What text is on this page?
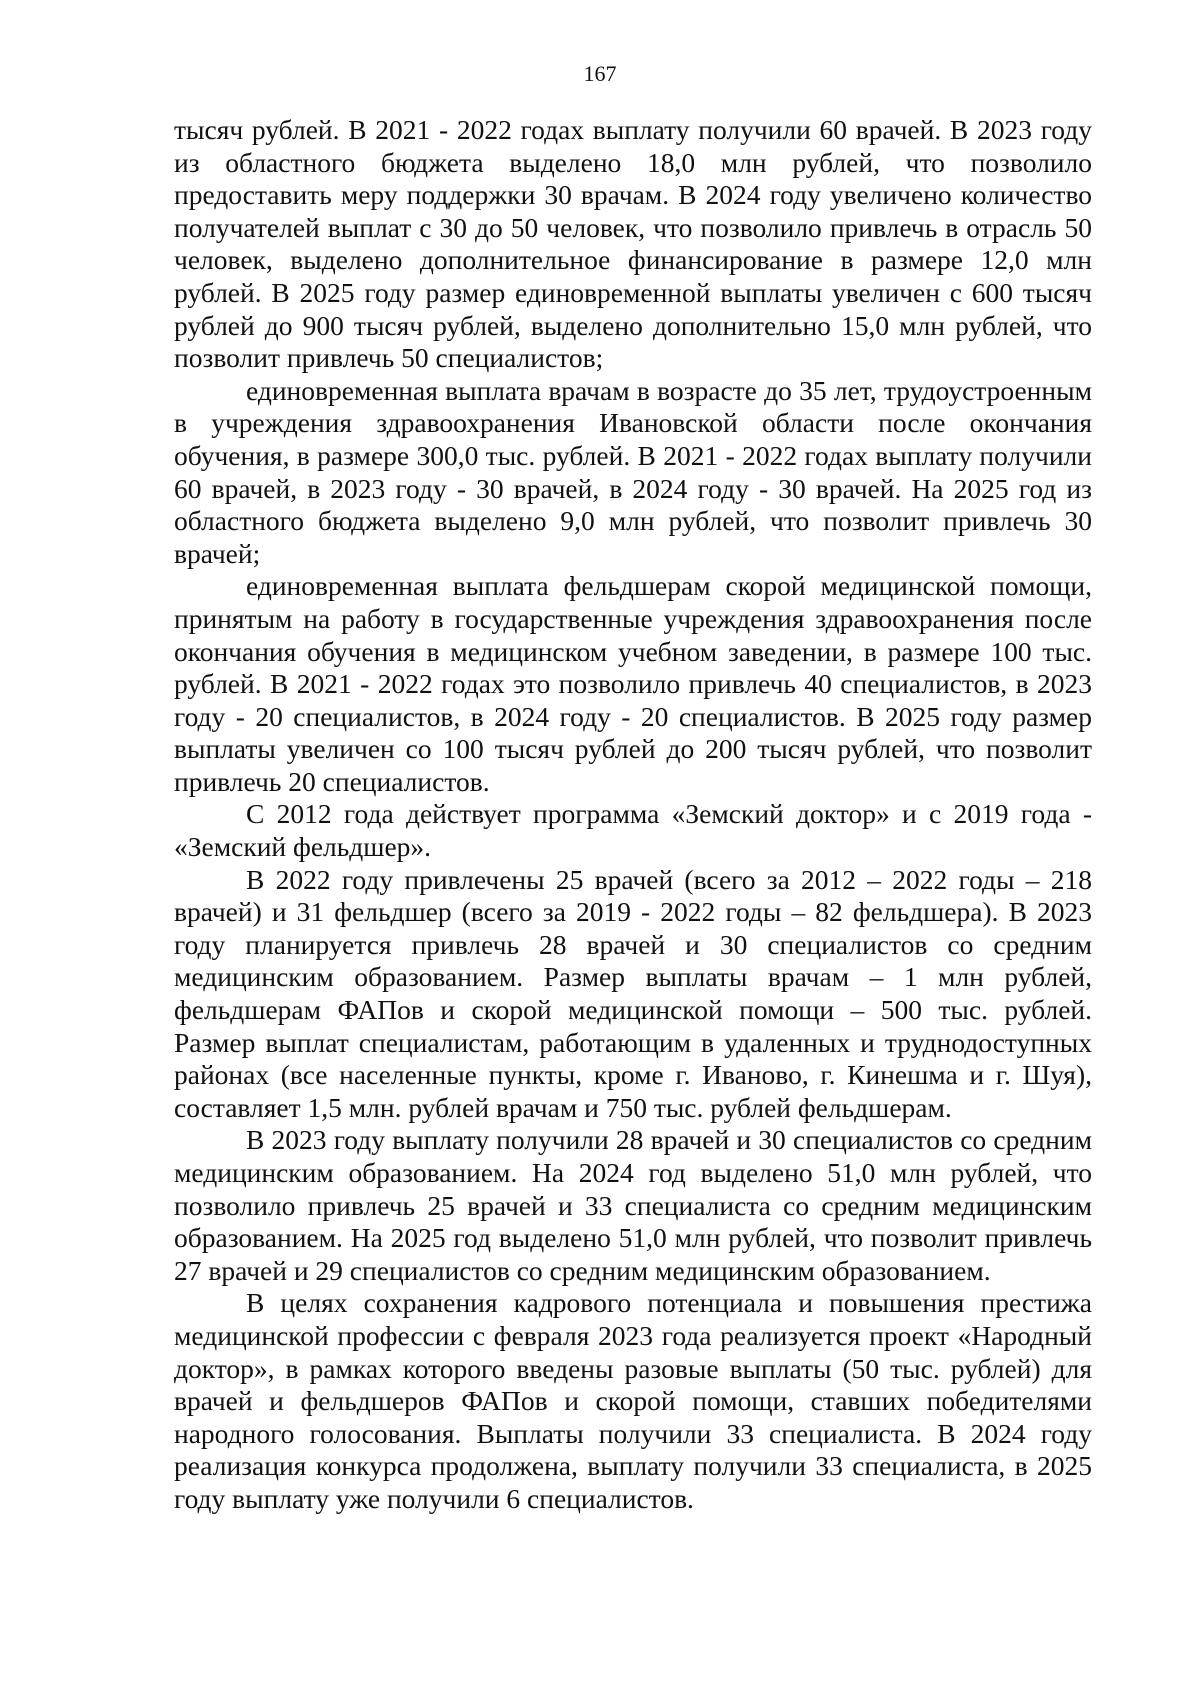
167

тысяч рублей. В 2021 - 2022 годах выплату получили 60 врачей. В 2023 году из областного бюджета выделено 18,0 млн рублей, что позволило предоставить меру поддержки 30 врачам. В 2024 году увеличено количество получателей выплат с 30 до 50 человек, что позволило привлечь в отрасль 50 человек, выделено дополнительное финансирование в размере 12,0 млн рублей. В 2025 году размер единовременной выплаты увеличен с 600 тысяч рублей до 900 тысяч рублей, выделено дополнительно 15,0 млн рублей, что позволит привлечь 50 специалистов;

единовременная выплата врачам в возрасте до 35 лет, трудоустроенным в учреждения здравоохранения Ивановской области после окончания обучения, в размере 300,0 тыс. рублей. В 2021 - 2022 годах выплату получили 60 врачей, в 2023 году - 30 врачей, в 2024 году - 30 врачей. На 2025 год из областного бюджета выделено 9,0 млн рублей, что позволит привлечь 30 врачей;

единовременная выплата фельдшерам скорой медицинской помощи, принятым на работу в государственные учреждения здравоохранения после окончания обучения в медицинском учебном заведении, в размере 100 тыс. рублей. В 2021 - 2022 годах это позволило привлечь 40 специалистов, в 2023 году - 20 специалистов, в 2024 году - 20 специалистов. В 2025 году размер выплаты увеличен со 100 тысяч рублей до 200 тысяч рублей, что позволит привлечь 20 специалистов.

С 2012 года действует программа «Земский доктор» и с 2019 года - «Земский фельдшер».

В 2022 году привлечены 25 врачей (всего за 2012 – 2022 годы – 218 врачей) и 31 фельдшер (всего за 2019 - 2022 годы – 82 фельдшера). В 2023 году планируется привлечь 28 врачей и 30 специалистов со средним медицинским образованием. Размер выплаты врачам – 1 млн рублей, фельдшерам ФАПов и скорой медицинской помощи – 500 тыс. рублей. Размер выплат специалистам, работающим в удаленных и труднодоступных районах (все населенные пункты, кроме г. Иваново, г. Кинешма и г. Шуя), составляет 1,5 млн. рублей врачам и 750 тыс. рублей фельдшерам.

В 2023 году выплату получили 28 врачей и 30 специалистов со средним медицинским образованием. На 2024 год выделено 51,0 млн рублей, что позволило привлечь 25 врачей и 33 специалиста со средним медицинским образованием. На 2025 год выделено 51,0 млн рублей, что позволит привлечь 27 врачей и 29 специалистов со средним медицинским образованием.

В целях сохранения кадрового потенциала и повышения престижа медицинской профессии с февраля 2023 года реализуется проект «Народный доктор», в рамках которого введены разовые выплаты (50 тыс. рублей) для врачей и фельдшеров ФАПов и скорой помощи, ставших победителями народного голосования. Выплаты получили 33 специалиста. В 2024 году реализация конкурса продолжена, выплату получили 33 специалиста, в 2025 году выплату уже получили 6 специалистов.
